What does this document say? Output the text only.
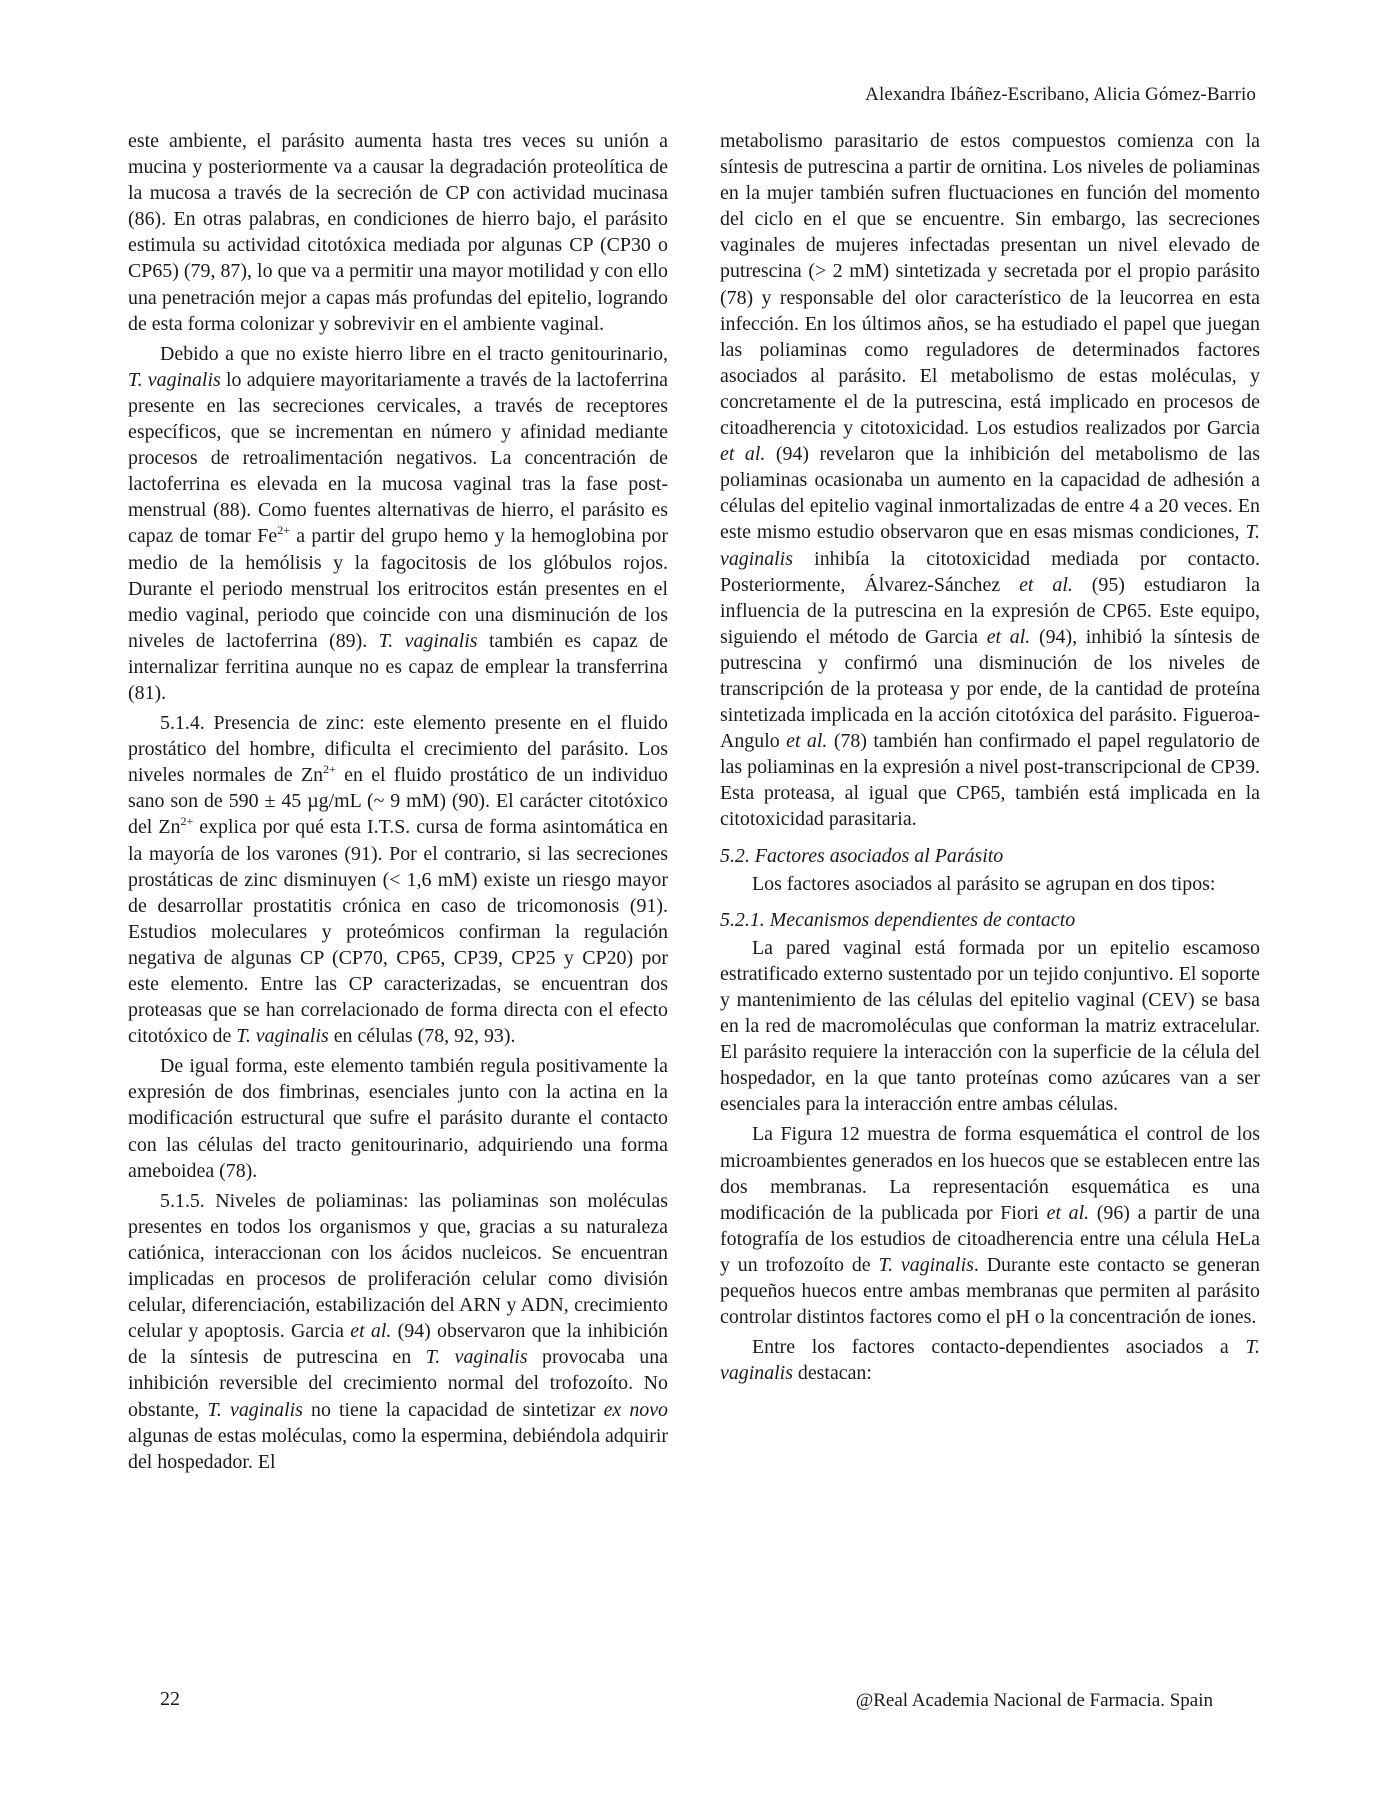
Alexandra Ibáñez-Escribano, Alicia Gómez-Barrio

este ambiente, el parásito aumenta hasta tres veces su unión a mucina y posteriormente va a causar la degradación proteolítica de la mucosa a través de la secreción de CP con actividad mucinasa (86). En otras palabras, en condiciones de hierro bajo, el parásito estimula su actividad citotóxica mediada por algunas CP (CP30 o CP65) (79, 87), lo que va a permitir una mayor motilidad y con ello una penetración mejor a capas más profundas del epitelio, logrando de esta forma colonizar y sobrevivir en el ambiente vaginal.

Debido a que no existe hierro libre en el tracto genitourinario, T. vaginalis lo adquiere mayoritariamente a través de la lactoferrina presente en las secreciones cervicales, a través de receptores específicos, que se incrementan en número y afinidad mediante procesos de retroalimentación negativos. La concentración de lactoferrina es elevada en la mucosa vaginal tras la fase post-menstrual (88). Como fuentes alternativas de hierro, el parásito es capaz de tomar $Fe^{2+}$ a partir del grupo hemo y la hemoglobina por medio de la hemólisis y la fagocitosis de los glóbulos rojos. Durante el periodo menstrual los eritrocitos están presentes en el medio vaginal, periodo que coincide con una disminución de los niveles de lactoferrina (89). T. vaginalis también es capaz de internalizar ferritina aunque no es capaz de emplear la transferrina (81).

5.1.4. Presencia de zinc: este elemento presente en el fluido prostático del hombre, dificulta el crecimiento del parásito. Los niveles normales de $Zn^{2+}$ en el fluido prostático de un individuo sano son de 590 ± 45 µg/mL (~ 9 mM) (90). El carácter citotóxico del $Zn^{2+}$ explica por qué esta I.T.S. cursa de forma asintomática en la mayoría de los varones (91). Por el contrario, si las secreciones prostáticas de zinc disminuyen (< 1,6 mM) existe un riesgo mayor de desarrollar prostatitis crónica en caso de tricomonosis (91). Estudios moleculares y proteómicos confirman la regulación negativa de algunas CP (CP70, CP65, CP39, CP25 y CP20) por este elemento. Entre las CP caracterizadas, se encuentran dos proteasas que se han correlacionado de forma directa con el efecto citotóxico de T. vaginalis en células (78, 92, 93).

De igual forma, este elemento también regula positivamente la expresión de dos fimbrinas, esenciales junto con la actina en la modificación estructural que sufre el parásito durante el contacto con las células del tracto genitourinario, adquiriendo una forma ameboidea (78).

5.1.5. Niveles de poliaminas: las poliaminas son moléculas presentes en todos los organismos y que, gracias a su naturaleza catiónica, interaccionan con los ácidos nucleicos. Se encuentran implicadas en procesos de proliferación celular como división celular, diferenciación, estabilización del ARN y ADN, crecimiento celular y apoptosis. Garcia et al. (94) observaron que la inhibición de la síntesis de putrescina en T. vaginalis provocaba una inhibición reversible del crecimiento normal del trofozoíto. No obstante, T. vaginalis no tiene la capacidad de sintetizar ex novo algunas de estas moléculas, como la espermina, debiéndola adquirir del hospedador. El

metabolismo parasitario de estos compuestos comienza con la síntesis de putrescina a partir de ornitina. Los niveles de poliaminas en la mujer también sufren fluctuaciones en función del momento del ciclo en el que se encuentre. Sin embargo, las secreciones vaginales de mujeres infectadas presentan un nivel elevado de putrescina (> 2 mM) sintetizada y secretada por el propio parásito (78) y responsable del olor característico de la leucorrea en esta infección. En los últimos años, se ha estudiado el papel que juegan las poliaminas como reguladores de determinados factores asociados al parásito. El metabolismo de estas moléculas, y concretamente el de la putrescina, está implicado en procesos de citoadherencia y citotoxicidad. Los estudios realizados por Garcia et al. (94) revelaron que la inhibición del metabolismo de las poliaminas ocasionaba un aumento en la capacidad de adhesión a células del epitelio vaginal inmortalizadas de entre 4 a 20 veces. En este mismo estudio observaron que en esas mismas condiciones, T. vaginalis inhibía la citotoxicidad mediada por contacto. Posteriormente, Álvarez-Sánchez et al. (95) estudiaron la influencia de la putrescina en la expresión de CP65. Este equipo, siguiendo el método de Garcia et al. (94), inhibió la síntesis de putrescina y confirmó una disminución de los niveles de transcripción de la proteasa y por ende, de la cantidad de proteína sintetizada implicada en la acción citotóxica del parásito. Figueroa-Angulo et al. (78) también han confirmado el papel regulatorio de las poliaminas en la expresión a nivel post-transcripcional de CP39. Esta proteasa, al igual que CP65, también está implicada en la citotoxicidad parasitaria.

5.2. Factores asociados al Parásito

Los factores asociados al parásito se agrupan en dos tipos:

5.2.1. Mecanismos dependientes de contacto

La pared vaginal está formada por un epitelio escamoso estratificado externo sustentado por un tejido conjuntivo. El soporte y mantenimiento de las células del epitelio vaginal (CEV) se basa en la red de macromoléculas que conforman la matriz extracelular. El parásito requiere la interacción con la superficie de la célula del hospedador, en la que tanto proteínas como azúcares van a ser esenciales para la interacción entre ambas células.

La Figura 12 muestra de forma esquemática el control de los microambientes generados en los huecos que se establecen entre las dos membranas. La representación esquemática es una modificación de la publicada por Fiori et al. (96) a partir de una fotografía de los estudios de citoadherencia entre una célula HeLa y un trofozoíto de T. vaginalis. Durante este contacto se generan pequeños huecos entre ambas membranas que permiten al parásito controlar distintos factores como el pH o la concentración de iones.

Entre los factores contacto-dependientes asociados a T. vaginalis destacan:

22	@Real Academia Nacional de Farmacia. Spain
